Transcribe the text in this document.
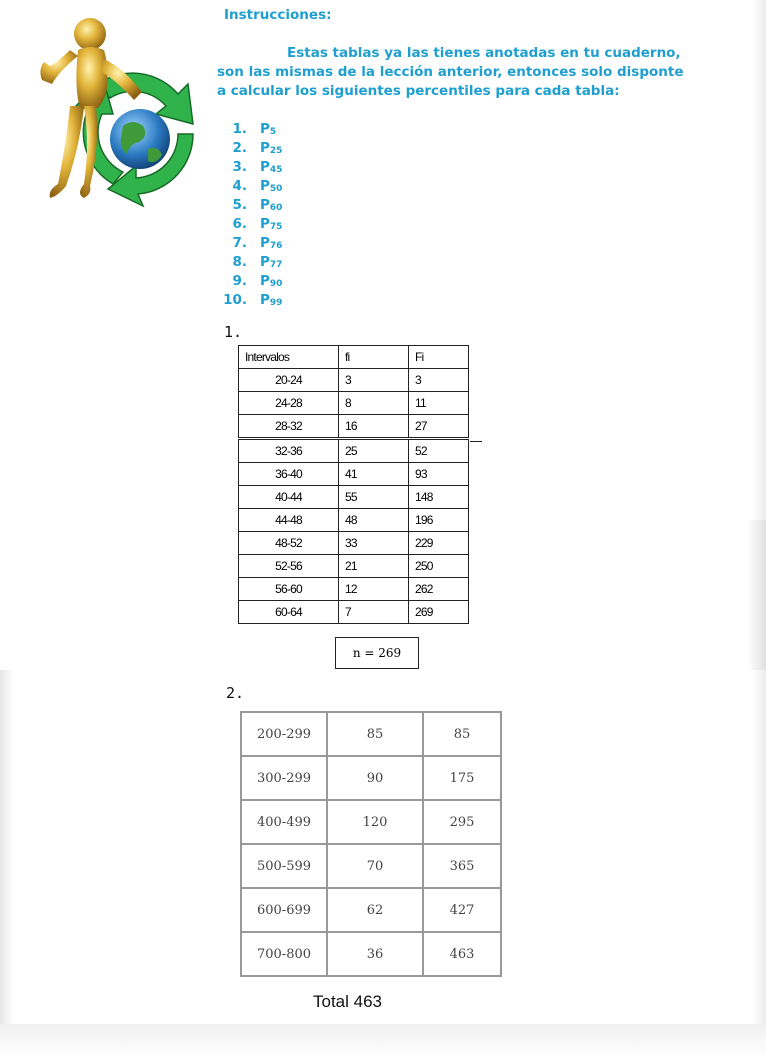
Instrucciones:
Estas tablas ya las tienes anotadas en tu cuaderno,
son las mismas de la lección anterior, entonces solo disponte
a calcular los siguientes percentiles para cada tabla:
1. $P_5$
2. $P_{25}$
3. $P_{45}$
4. $P_{50}$
5. $P_{60}$
6. $P_{75}$
7. $P_{76}$
8. $P_{77}$
9. $P_{90}$
10. $P_{99}$
1.
Intervalos	fi	Fi
20-24	3	3
24-28	8	11
28-32	16	27
32-36	25	52
36-40	41	93
40-44	55	148
44-48	48	196
48-52	33	229
52-56	21	250
56-60	12	262
60-64	7	269
n = 269
2.
200-299	85	85
300-299	90	175
400-499	120	295
500-599	70	365
600-699	62	427
700-800	36	463
Total 463
